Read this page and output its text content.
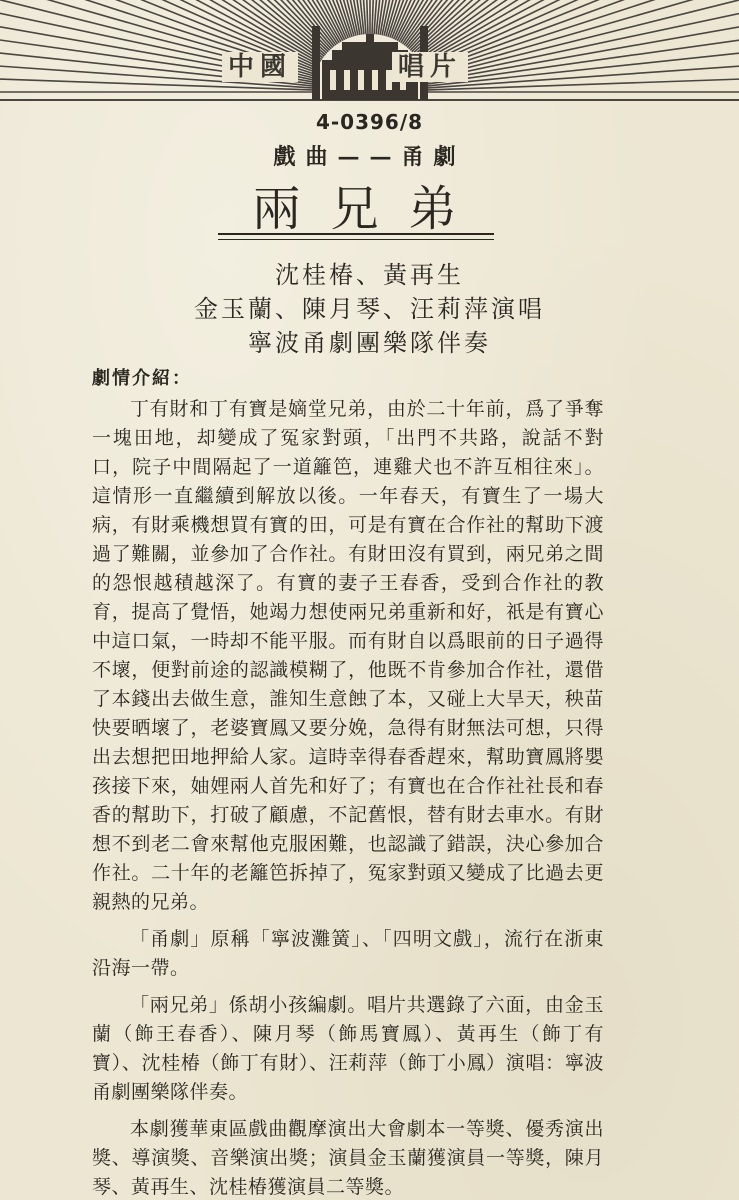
中國	唱片
4-0396/8
戲曲——甬劇
兩兄弟
沈桂椿、黃再生
金玉蘭、陳月琴、汪莉萍演唱
寧波甬劇團樂隊伴奏
劇情介紹：

丁有財和丁有寶是嫡堂兄弟，由於二十年前，爲了爭奪一塊田地，却變成了冤家對頭，「出門不共路，說話不對口，院子中間隔起了一道籬笆，連雞犬也不許互相往來」。這情形一直繼續到解放以後。一年春天，有寶生了一場大病，有財乘機想買有寶的田，可是有寶在合作社的幫助下渡過了難關，並參加了合作社。有財田沒有買到，兩兄弟之間的怨恨越積越深了。有寶的妻子王春香，受到合作社的教育，提高了覺悟，她竭力想使兩兄弟重新和好，祇是有寶心中這口氣，一時却不能平服。而有財自以爲眼前的日子過得不壞，便對前途的認識模糊了，他既不肯參加合作社，還借了本錢出去做生意，誰知生意蝕了本，又碰上大旱天，秧苗快要晒壞了，老婆寶鳳又要分娩，急得有財無法可想，只得出去想把田地押給人家。這時幸得春香趕來，幫助寶鳳將嬰孩接下來，妯娌兩人首先和好了；有寶也在合作社社長和春香的幫助下，打破了顧慮，不記舊恨，替有財去車水。有財想不到老二會來幫他克服困難，也認識了錯誤，決心參加合作社。二十年的老籬笆拆掉了，冤家對頭又變成了比過去更親熱的兄弟。

「甬劇」原稱「寧波灘簧」、「四明文戲」，流行在浙東沿海一帶。

「兩兄弟」係胡小孩編劇。唱片共選錄了六面，由金玉蘭（飾王春香）、陳月琴（飾馬寶鳳）、黃再生（飾丁有寶）、沈桂椿（飾丁有財）、汪莉萍（飾丁小鳳）演唱：寧波甬劇團樂隊伴奏。

本劇獲華東區戲曲觀摩演出大會劇本一等獎、優秀演出獎、導演獎、音樂演出獎；演員金玉蘭獲演員一等獎，陳月琴、黃再生、沈桂椿獲演員二等獎。
